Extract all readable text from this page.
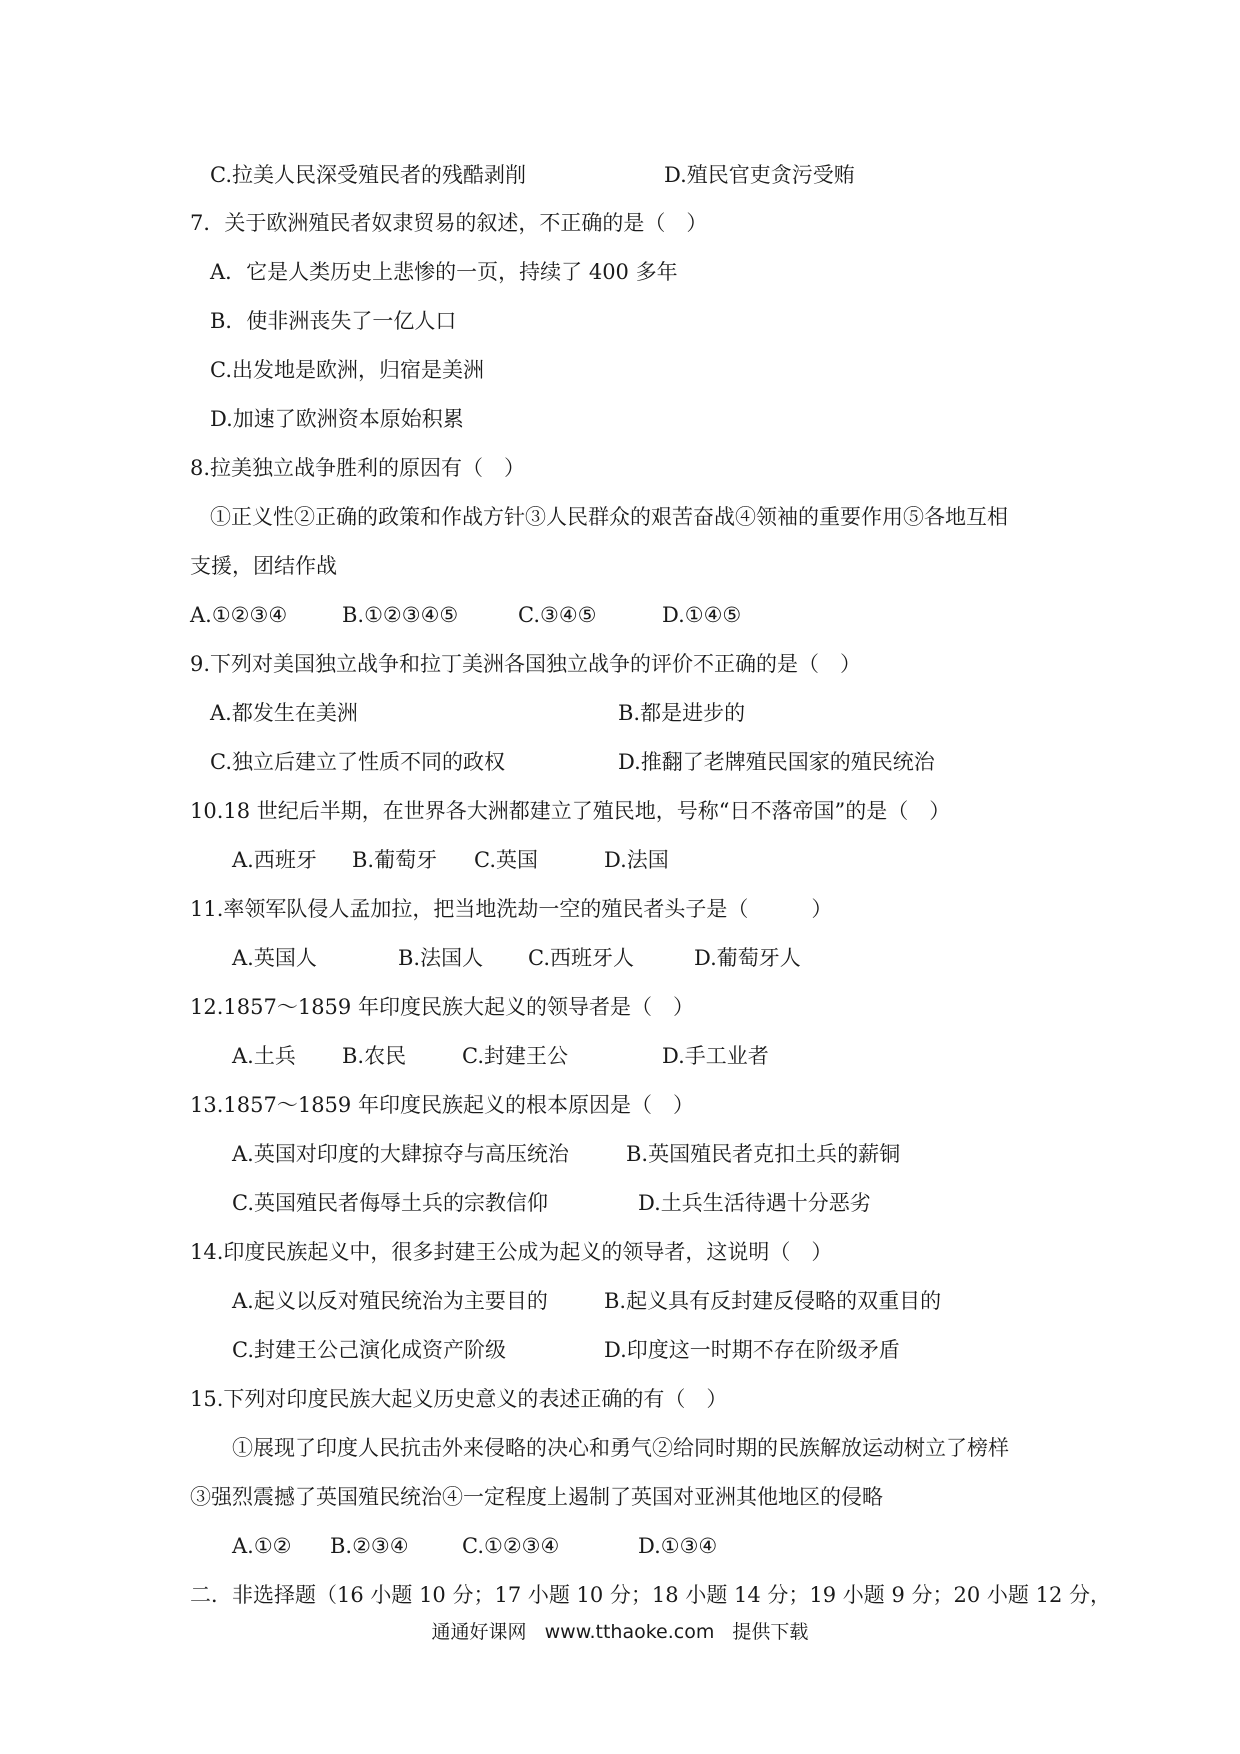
C.拉美人民深受殖民者的残酷剥削	D.殖民官吏贪污受贿
7．关于欧洲殖民者奴隶贸易的叙述，不正确的是（　）
A．它是人类历史上悲惨的一页，持续了 400 多年
B．使非洲丧失了一亿人口
C.出发地是欧洲，归宿是美洲
D.加速了欧洲资本原始积累
8.拉美独立战争胜利的原因有（　）
①正义性②正确的政策和作战方针③人民群众的艰苦奋战④领袖的重要作用⑤各地互相
支援，团结作战
A.①②③④	B.①②③④⑤	C.③④⑤	D.①④⑤
9.下列对美国独立战争和拉丁美洲各国独立战争的评价不正确的是（　）
A.都发生在美洲	B.都是进步的
C.独立后建立了性质不同的政权	D.推翻了老牌殖民国家的殖民统治
10.18 世纪后半期，在世界各大洲都建立了殖民地，号称“日不落帝国”的是（　）
A.西班牙 B.葡萄牙 C.英国	D.法国
11.率领军队侵人孟加拉，把当地洗劫一空的殖民者头子是（　　　）
A.英国人	B.法国人 C.西班牙人	D.葡萄牙人
12.1857～1859 年印度民族大起义的领导者是（　）
A.土兵 B.农民	C.封建王公	D.手工业者
13.1857～1859 年印度民族起义的根本原因是（　）
A.英国对印度的大肆掠夺与高压统治	B.英国殖民者克扣土兵的薪铜
C.英国殖民者侮辱土兵的宗教信仰	D.土兵生活待遇十分恶劣
14.印度民族起义中，很多封建王公成为起义的领导者，这说明（　）
A.起义以反对殖民统治为主要目的	B.起义具有反封建反侵略的双重目的
C.封建王公己演化成资产阶级	D.印度这一时期不存在阶级矛盾
15.下列对印度民族大起义历史意义的表述正确的有（　）
①展现了印度人民抗击外来侵略的决心和勇气②给同时期的民族解放运动树立了榜样
③强烈震撼了英国殖民统治④一定程度上遏制了英国对亚洲其他地区的侵略
A.①② B.②③④	C.①②③④	D.①③④
二．非选择题（16 小题 10 分；17 小题 10 分；18 小题 14 分；19 小题 9 分；20 小题 12 分，
通通好课网 www.tthaoke.com 提供下载
